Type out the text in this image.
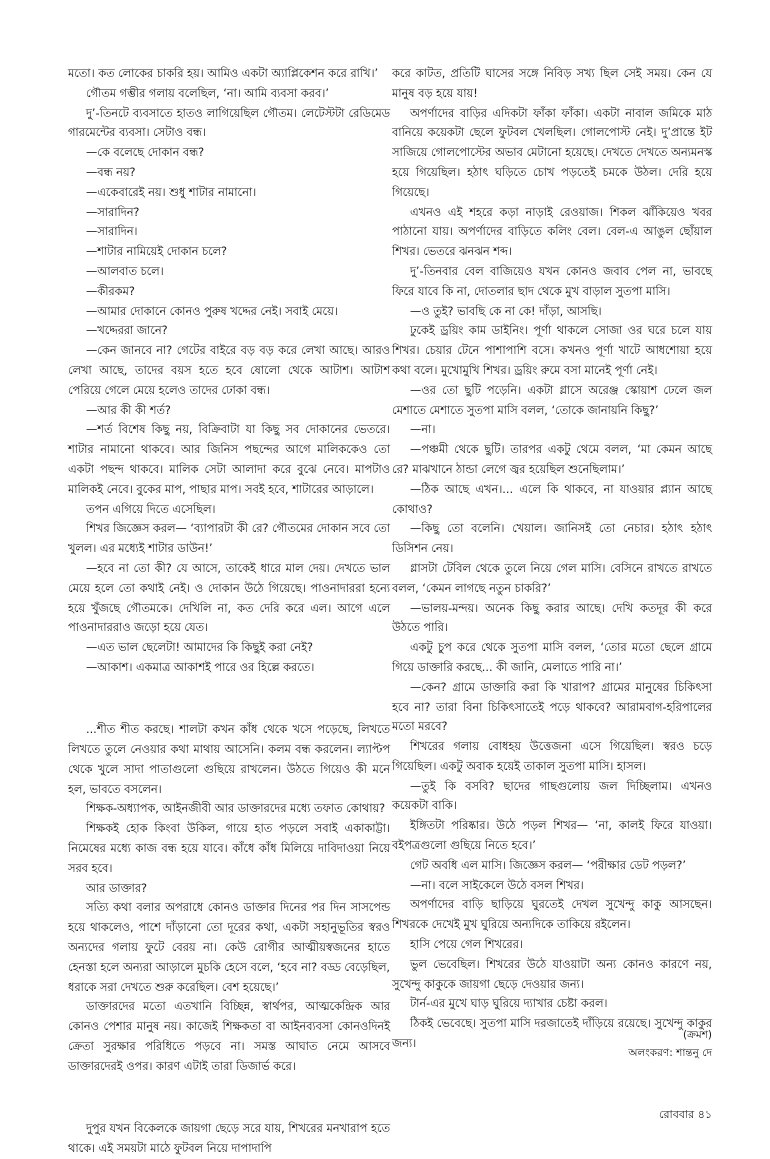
মতো। কত লোকের চাকরি হয়। আমিও একটা অ্যাপ্লিকেশন করে রাখি।’

গৌতম গম্ভীর গলায় বলেছিল, ‘না। আমি ব্যবসা করব।’

দু’-তিনটে ব্যবসাতে হাতও লাগিয়েছিল গৌতম। লেটেস্টটা রেডিমেড গারমেন্টের ব্যবসা। সেটাও বন্ধ।

—কে বলেছে দোকান বন্ধ?

—বন্ধ নয়?

—একেবারেই নয়। শুধু শাটার নামানো।

—সারাদিন?

—সারাদিন।

—শাটার নামিয়েই দোকান চলে?

—আলবাত চলে।

—কীরকম?

—আমার দোকানে কোনও পুরুষ খদ্দের নেই। সবাই মেয়ে।

—খদ্দেররা জানে?

—কেন জানবে না? গেটের বাইরে বড় বড় করে লেখা আছে। আরও লেখা আছে, তাদের বয়স হতে হবে ষোলো থেকে আটাশ। আটাশ পেরিয়ে গেলে মেয়ে হলেও তাদের ঢোকা বন্ধ।

—আর কী কী শর্ত?

—শর্ত বিশেষ কিছু নয়, বিক্রিবাটা যা কিছু সব দোকানের ভেতরে। শাটার নামানো থাকবে। আর জিনিস পছন্দের আগে মালিককেও তো একটা পছন্দ থাকবে। মালিক সেটা আলাদা করে বুঝে নেবে। মাপটাও মালিকই নেবে। বুকের মাপ, পাছার মাপ। সবই হবে, শাটারের আড়ালে।

তপন এগিয়ে দিতে এসেছিল।

শিখর জিজ্ঞেস করল— ‘ব্যাপারটা কী রে? গৌতমের দোকান সবে তো খুলল। এর মধ্যেই শাটার ডাউন!’

—হবে না তো কী? যে আসে, তাকেই ধারে মাল দেয়। দেখতে ভাল মেয়ে হলে তো কথাই নেই। ও দোকান উঠে গিয়েছে। পাওনাদাররা হন্যে হয়ে খুঁজছে গৌতমকে। দেখিলি না, কত দেরি করে এল। আগে এলে পাওনাদাররাও জড়ো হয়ে যেত।

—এত ভাল ছেলেটা! আমাদের কি কিছুই করা নেই?

—আকাশ। একমাত্র আকাশই পারে ওর হিল্লে করতে।

...শীত শীত করছে। শালটা কখন কাঁধ থেকে খসে পড়েছে, লিখতে লিখতে তুলে নেওয়ার কথা মাথায় আসেনি। কলম বন্ধ করলেন। ল্যাপ্টপ থেকে খুলে সাদা পাতাগুলো গুছিয়ে রাখলেন। উঠতে গিয়েও কী মনে হল, ভাবতে বসলেন।

শিক্ষক-অধ্যাপক, আইনজীবী আর ডাক্তারদের মধ্যে তফাত কোথায়?

শিক্ষকই হোক কিংবা উকিল, গায়ে হাত পড়লে সবাই একাকাট্টা। নিমেষের মধ্যে কাজ বন্ধ হয়ে যাবে। কাঁধে কাঁধ মিলিয়ে দাবিদাওয়া নিয়ে সরব হবে।

আর ডাক্তার?

সত্যি কথা বলার অপরাধে কোনও ডাক্তার দিনের পর দিন সাসপেন্ড হয়ে থাকলেও, পাশে দাঁড়ানো তো দূরের কথা, একটা সহানুভূতির স্বরও অন্যদের গলায় ফুটে বেরয় না। কেউ রোগীর আত্মীয়স্বজনের হাতে হেনস্তা হলে অন্যরা আড়ালে মুচকি হেসে বলে, ‘হবে না? বড্ড বেড়েছিল, ধরাকে সরা দেখতে শুরু করেছিল। বেশ হয়েছে।’

ডাক্তারদের মতো এতখানি বিচ্ছিন্ন, স্বার্থপর, আত্মকেন্দ্রিক আর কোনও পেশার মানুষ নয়। কাজেই শিক্ষকতা বা আইনব্যবসা কোনওদিনই ক্রেতা সুরক্ষার পরিধিতে পড়বে না। সমস্ত আঘাত নেমে আসবে ডাক্তারদেরই ওপর। কারণ এটাই তারা ডিজার্ভ করে।

দুপুর যখন বিকেলকে জায়গা ছেড়ে সরে যায়, শিখরের মনখারাপ হতে থাকে। এই সময়টা মাঠে ফুটবল নিয়ে দাপাদাপি

করে কাটত, প্রতিটি ঘাসের সঙ্গে নিবিড় সখ্য ছিল সেই সময়। কেন যে মানুষ বড় হয়ে যায়!

অপর্ণাদের বাড়ির এদিকটা ফাঁকা ফাঁকা। একটা নাবাল জমিকে মাঠ বানিয়ে কয়েকটা ছেলে ফুটবল খেলছিল। গোলপোস্ট নেই। দু’প্রান্তে ইট সাজিয়ে গোলপোস্টের অভাব মেটানো হয়েছে। দেখতে দেখতে অন্যমনস্ক হয়ে গিয়েছিল। হঠাৎ ঘড়িতে চোখ পড়তেই চমকে উঠল। দেরি হয়ে গিয়েছে।

এখনও এই শহরে কড়া নাড়াই রেওয়াজ। শিকল ঝাঁকিয়েও খবর পাঠানো যায়। অপর্ণাদের বাড়িতে কলিং বেল। বেল-এ আঙুল ছোঁয়াল শিখর। ভেতরে ঝনঝন শব্দ।

দু’-তিনবার বেল বাজিয়েও যখন কোনও জবাব পেল না, ভাবছে ফিরে যাবে কি না, দোতলার ছাদ থেকে মুখ বাড়াল সুতপা মাসি।

—ও তুই? ভাবছি কে না কে! দাঁড়া, আসছি।

ঢুকেই ড্রয়িং কাম ডাইনিং। পূর্ণা থাকলে সোজা ওর ঘরে চলে যায় শিখর। চেয়ার টেনে পাশাপাশি বসে। কখনও পূর্ণা খাটে আধশোয়া হয়ে কথা বলে। মুখোমুখি শিখর। ড্রয়িং রুমে বসা মানেই পূর্ণা নেই।

—ওর তো ছুটি পড়েনি। একটা গ্লাসে অরেঞ্জ স্কোয়াশ ঢেলে জল মেশাতে মেশাতে সুতপা মাসি বলল, ‘তোকে জানায়নি কিছু?’

—না।

—পঞ্চমী থেকে ছুটি। তারপর একটু থেমে বলল, ‘মা কেমন আছে রে? মাঝখানে ঠান্ডা লেগে জ্বর হয়েছিল শুনেছিলাম।’

—ঠিক আছে এখন।... এলে কি থাকবে, না যাওয়ার প্ল্যান আছে কোথাও?

—কিছু তো বলেনি। খেয়াল। জানিসই তো নেচার। হঠাৎ হঠাৎ ডিসিশন নেয়।

গ্লাসটা টেবিল থেকে তুলে নিয়ে গেল মাসি। বেসিনে রাখতে রাখতে বলল, ‘কেমন লাগছে নতুন চাকরি?’

—ভালয়-মন্দয়। অনেক কিছু করার আছে। দেখি কতদূর কী করে উঠতে পারি।

একটু চুপ করে থেকে সুতপা মাসি বলল, ‘তোর মতো ছেলে গ্রামে গিয়ে ডাক্তারি করছে... কী জানি, মেলাতে পারি না।’

—কেন? গ্রামে ডাক্তারি করা কি খারাপ? গ্রামের মানুষের চিকিৎসা হবে না? তারা বিনা চিকিৎসাতেই পড়ে থাকবে? আরামবাগ-হরিপালের মতো মরবে?

শিখরের গলায় বোধহয় উত্তেজনা এসে গিয়েছিল। স্বরও চড়ে গিয়েছিল। একটু অবাক হয়েই তাকাল সুতপা মাসি। হাসল।

—তুই কি বসবি? ছাদের গাছগুলোয় জল দিচ্ছিলাম। এখনও কয়েকটা বাকি।

ইঙ্গিতটা পরিষ্কার। উঠে পড়ল শিখর— ‘না, কালই ফিরে যাওয়া। বইপত্রগুলো গুছিয়ে নিতে হবে।’

গেট অবধি এল মাসি। জিজ্ঞেস করল— ‘পরীক্ষার ডেট পড়ল?’

—না। বলে সাইকেলে উঠে বসল শিখর।

অপর্ণাদের বাড়ি ছাড়িয়ে ঘুরতেই দেখল সুখেন্দু কাকু আসছেন। শিখরকে দেখেই মুখ ঘুরিয়ে অন্যদিকে তাকিয়ে রইলেন।

হাসি পেয়ে গেল শিখরের।

ভুল ভেবেছিল। শিখরের উঠে যাওয়াটা অন্য কোনও কারণে নয়, সুখেন্দু কাকুকে জায়গা ছেড়ে দেওয়ার জন্য।

টার্ন-এর মুখে ঘাড় ঘুরিয়ে দ্যাখার চেষ্টা করল।

ঠিকই ভেবেছে। সুতপা মাসি দরজাতেই দাঁড়িয়ে রয়েছে। সুখেন্দু কাকুর জন্য।

(ক্রমশ)
অলংকরণ: শান্তনু দে
রোববার ৪১
